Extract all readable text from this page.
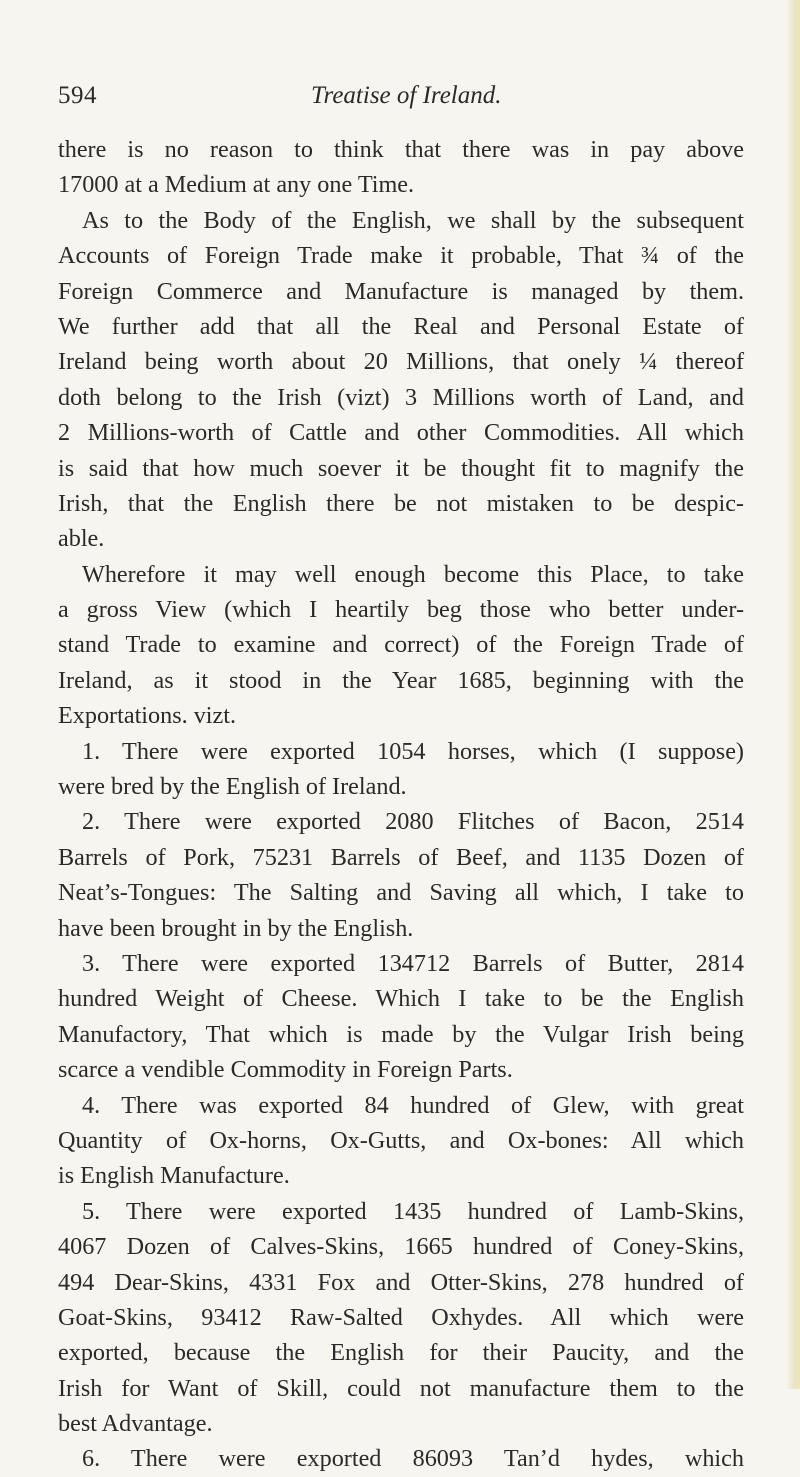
594	Treatise of Ireland.
there is no reason to think that there was in pay above
17000 at a Medium at any one Time.
As to the Body of the English, we shall by the subsequent
Accounts of Foreign Trade make it probable, That ¾ of the
Foreign Commerce and Manufacture is managed by them.
We further add that all the Real and Personal Estate of
Ireland being worth about 20 Millions, that onely ¼ thereof
doth belong to the Irish (vizt) 3 Millions worth of Land, and
2 Millions-worth of Cattle and other Commodities. All which
is said that how much soever it be thought fit to magnify the
Irish, that the English there be not mistaken to be despic-
able.
Wherefore it may well enough become this Place, to take
a gross View (which I heartily beg those who better under-
stand Trade to examine and correct) of the Foreign Trade of
Ireland, as it stood in the Year 1685, beginning with the
Exportations. vizt.
1. There were exported 1054 horses, which (I suppose)
were bred by the English of Ireland.
2. There were exported 2080 Flitches of Bacon, 2514
Barrels of Pork, 75231 Barrels of Beef, and 1135 Dozen of
Neat’s-Tongues: The Salting and Saving all which, I take to
have been brought in by the English.
3. There were exported 134712 Barrels of Butter, 2814
hundred Weight of Cheese. Which I take to be the English
Manufactory, That which is made by the Vulgar Irish being
scarce a vendible Commodity in Foreign Parts.
4. There was exported 84 hundred of Glew, with great
Quantity of Ox-horns, Ox-Gutts, and Ox-bones: All which
is English Manufacture.
5. There were exported 1435 hundred of Lamb-Skins,
4067 Dozen of Calves-Skins, 1665 hundred of Coney-Skins,
494 Dear-Skins, 4331 Fox and Otter-Skins, 278 hundred of
Goat-Skins, 93412 Raw-Salted Oxhydes. All which were
exported, because the English for their Paucity, and the
Irish for Want of Skill, could not manufacture them to the
best Advantage.
6. There were exported 86093 Tan’d hydes, which
